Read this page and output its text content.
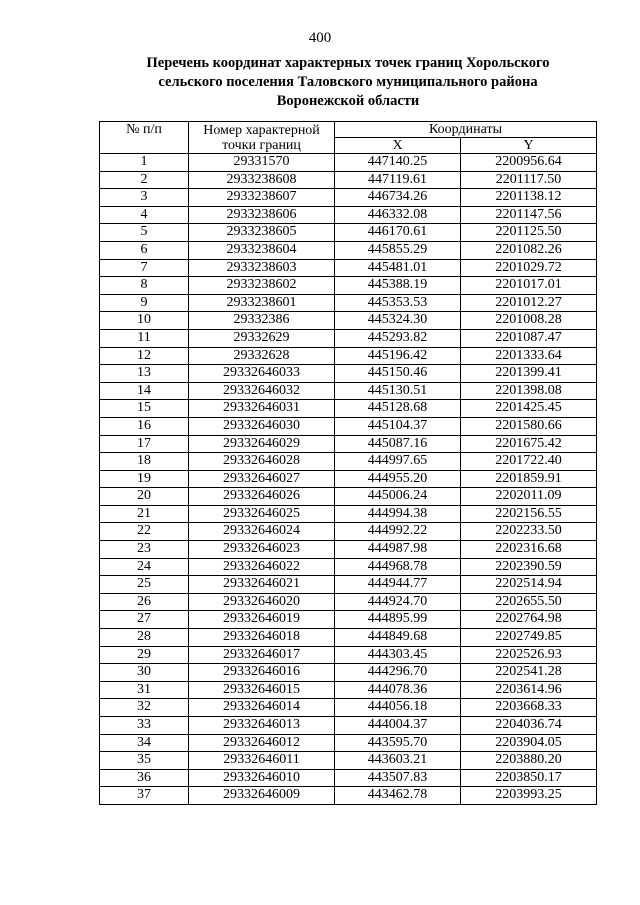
400
Перечень координат характерных точек границ Хорольского
сельского поселения Таловского муниципального района
Воронежской области
№ п/п	Номер характерной
точки границ	Координаты	
		X	Y
1	29331570	447140.25	2200956.64
2	2933238608	447119.61	2201117.50
3	2933238607	446734.26	2201138.12
4	2933238606	446332.08	2201147.56
5	2933238605	446170.61	2201125.50
6	2933238604	445855.29	2201082.26
7	2933238603	445481.01	2201029.72
8	2933238602	445388.19	2201017.01
9	2933238601	445353.53	2201012.27
10	29332386	445324.30	2201008.28
11	29332629	445293.82	2201087.47
12	29332628	445196.42	2201333.64
13	29332646033	445150.46	2201399.41
14	29332646032	445130.51	2201398.08
15	29332646031	445128.68	2201425.45
16	29332646030	445104.37	2201580.66
17	29332646029	445087.16	2201675.42
18	29332646028	444997.65	2201722.40
19	29332646027	444955.20	2201859.91
20	29332646026	445006.24	2202011.09
21	29332646025	444994.38	2202156.55
22	29332646024	444992.22	2202233.50
23	29332646023	444987.98	2202316.68
24	29332646022	444968.78	2202390.59
25	29332646021	444944.77	2202514.94
26	29332646020	444924.70	2202655.50
27	29332646019	444895.99	2202764.98
28	29332646018	444849.68	2202749.85
29	29332646017	444303.45	2202526.93
30	29332646016	444296.70	2202541.28
31	29332646015	444078.36	2203614.96
32	29332646014	444056.18	2203668.33
33	29332646013	444004.37	2204036.74
34	29332646012	443595.70	2203904.05
35	29332646011	443603.21	2203880.20
36	29332646010	443507.83	2203850.17
37	29332646009	443462.78	2203993.25
